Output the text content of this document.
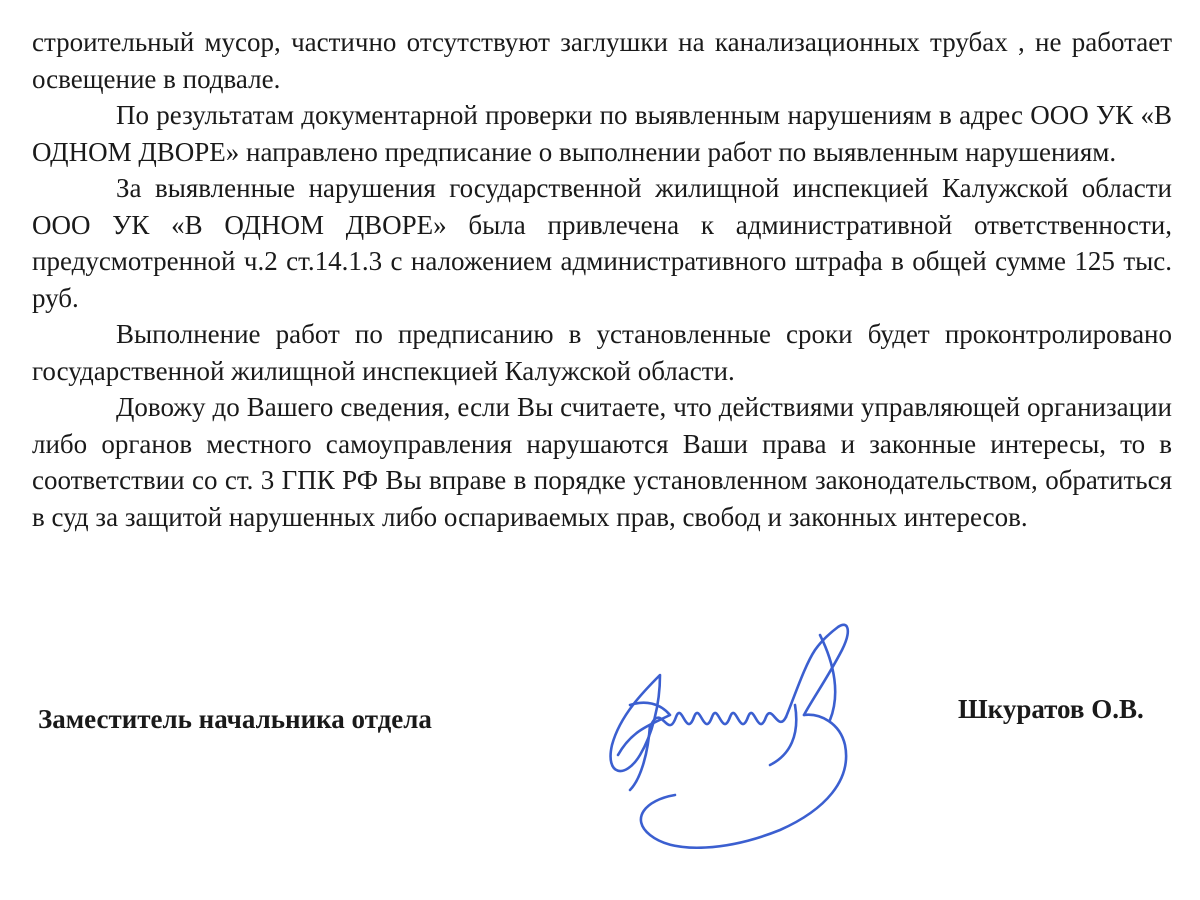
строительный мусор, частично отсутствуют заглушки на канализационных трубах , не работает освещение в подвале.

По результатам документарной проверки по выявленным нарушениям в адрес ООО УК «В ОДНОМ ДВОРЕ» направлено предписание о выполнении работ по выявленным нарушениям.

За выявленные нарушения государственной жилищной инспекцией Калужской области ООО УК «В ОДНОМ ДВОРЕ» была привлечена к административной ответственности, предусмотренной ч.2 ст.14.1.3 с наложением административного штрафа в общей сумме 125 тыс. руб.

Выполнение работ по предписанию в установленные сроки будет проконтролировано государственной жилищной инспекцией Калужской области.

Довожу до Вашего сведения, если Вы считаете, что действиями управляющей организации либо органов местного самоуправления нарушаются Ваши права и законные интересы, то в соответствии со ст. 3 ГПК РФ Вы вправе в порядке установленном законодательством, обратиться в суд за защитой нарушенных либо оспариваемых прав, свобод и законных интересов.

Заместитель начальника отдела	Шкуратов О.В.
